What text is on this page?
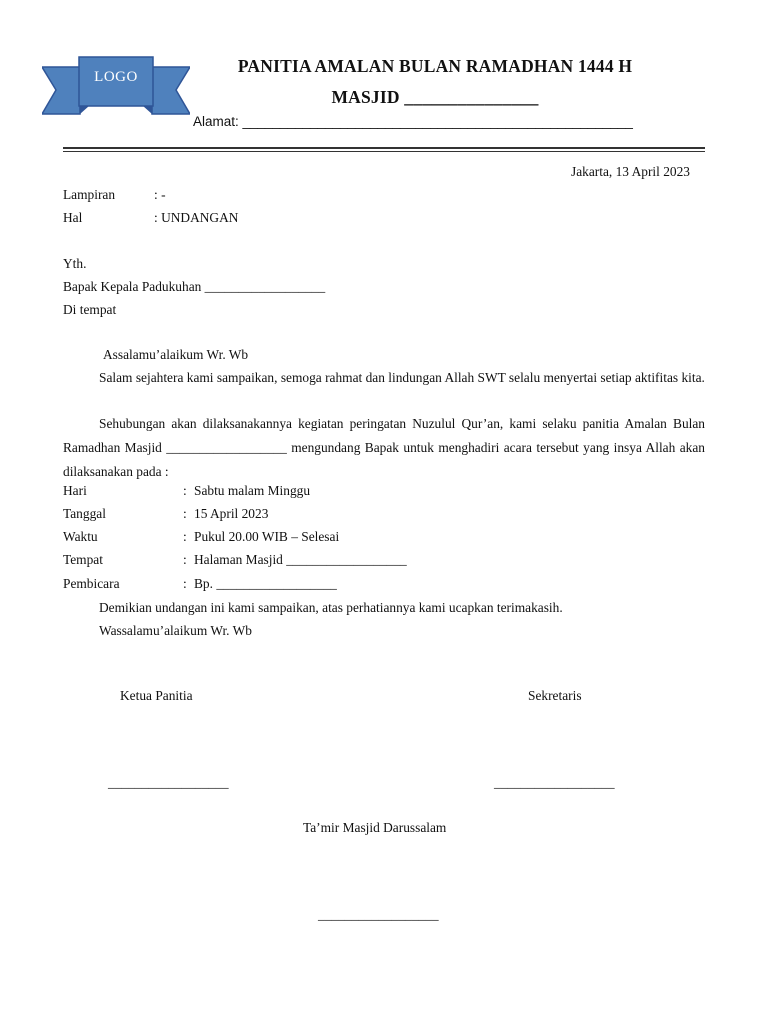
LOGO
PANITIA AMALAN BULAN RAMADHAN 1444 H
MASJID _______________
Alamat: ____________________________________________________
Jakarta, 13 April 2023
Lampiran	: -
Hal	: UNDANGAN
Yth.
Bapak Kepala Padukuhan __________________
Di tempat
Assalamu’alaikum Wr. Wb

Salam sejahtera kami sampaikan, semoga rahmat dan lindungan Allah SWT selalu menyertai setiap aktifitas kita.

Sehubungan akan dilaksanakannya kegiatan peringatan Nuzulul Qur’an, kami selaku panitia Amalan Bulan Ramadhan Masjid __________________ mengundang Bapak untuk menghadiri acara tersebut yang insya Allah akan dilaksanakan pada :

Hari	: Sabtu malam Minggu
Tanggal	: 15 April 2023
Waktu	: Pukul 20.00 WIB – Selesai
Tempat	: Halaman Masjid __________________
Pembicara	: Bp. __________________
Demikian undangan ini kami sampaikan, atas perhatiannya kami ucapkan terimakasih.
Wassalamu’alaikum Wr. Wb
Ketua Panitia	Sekretaris
__________________	__________________
Ta’mir Masjid Darussalam
__________________
